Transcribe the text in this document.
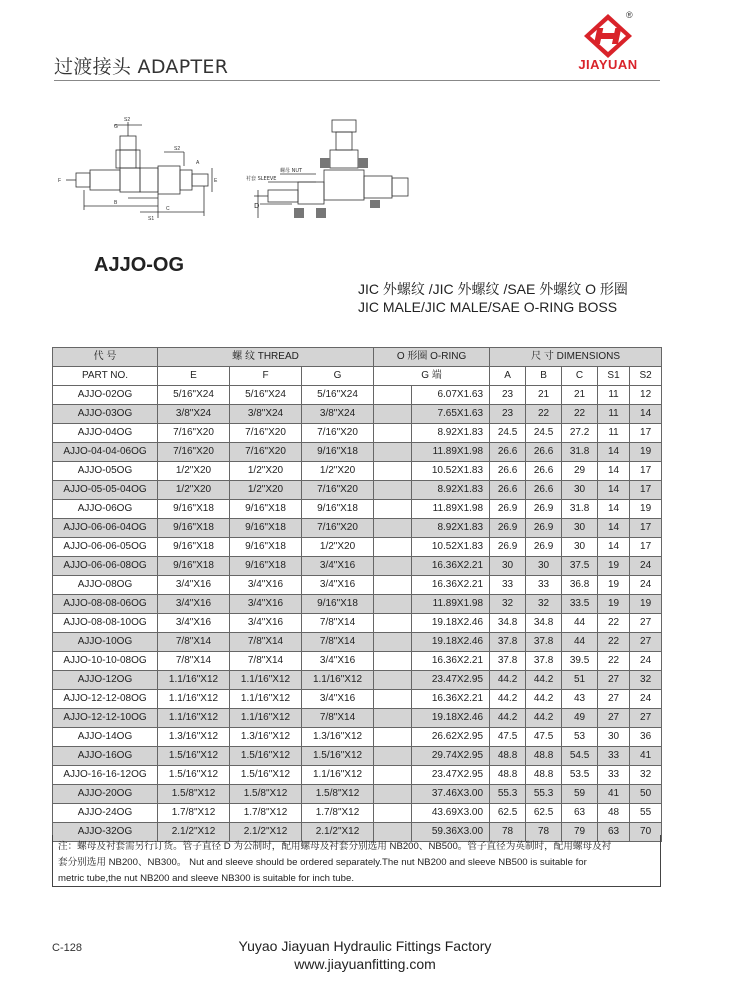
过渡接头 ADAPTER
®
JIAYUAN
S2
G
F
S2
B
C
S1
E
A
螺母 NUT
衬套 SLEEVE
D
AJJO-OG
JIC 外螺纹 /JIC 外螺纹 /SAE 外螺纹 O 形圈
JIC MALE/JIC MALE/SAE O-RING BOSS
代 号	螺 纹 THREAD			O 形圈 O-RING		尺 寸 DIMENSIONS				
PART NO.	E	F	G	G 端		A	B	C	S1	S2
AJJO-02OG	5/16"X24	5/16"X24	5/16"X24		6.07X1.63	23	21	21	11	12
AJJO-03OG	3/8"X24	3/8"X24	3/8"X24		7.65X1.63	23	22	22	11	14
AJJO-04OG	7/16"X20	7/16"X20	7/16"X20		8.92X1.83	24.5	24.5	27.2	11	17
AJJO-04-04-06OG	7/16"X20	7/16"X20	9/16"X18		11.89X1.98	26.6	26.6	31.8	14	19
AJJO-05OG	1/2"X20	1/2"X20	1/2"X20		10.52X1.83	26.6	26.6	29	14	17
AJJO-05-05-04OG	1/2"X20	1/2"X20	7/16"X20		8.92X1.83	26.6	26.6	30	14	17
AJJO-06OG	9/16"X18	9/16"X18	9/16"X18		11.89X1.98	26.9	26.9	31.8	14	19
AJJO-06-06-04OG	9/16"X18	9/16"X18	7/16"X20		8.92X1.83	26.9	26.9	30	14	17
AJJO-06-06-05OG	9/16"X18	9/16"X18	1/2"X20		10.52X1.83	26.9	26.9	30	14	17
AJJO-06-06-08OG	9/16"X18	9/16"X18	3/4"X16		16.36X2.21	30	30	37.5	19	24
AJJO-08OG	3/4"X16	3/4"X16	3/4"X16		16.36X2.21	33	33	36.8	19	24
AJJO-08-08-06OG	3/4"X16	3/4"X16	9/16"X18		11.89X1.98	32	32	33.5	19	19
AJJO-08-08-10OG	3/4"X16	3/4"X16	7/8"X14		19.18X2.46	34.8	34.8	44	22	27
AJJO-10OG	7/8"X14	7/8"X14	7/8"X14		19.18X2.46	37.8	37.8	44	22	27
AJJO-10-10-08OG	7/8"X14	7/8"X14	3/4"X16		16.36X2.21	37.8	37.8	39.5	22	24
AJJO-12OG	1.1/16"X12	1.1/16"X12	1.1/16"X12		23.47X2.95	44.2	44.2	51	27	32
AJJO-12-12-08OG	1.1/16"X12	1.1/16"X12	3/4"X16		16.36X2.21	44.2	44.2	43	27	24
AJJO-12-12-10OG	1.1/16"X12	1.1/16"X12	7/8"X14		19.18X2.46	44.2	44.2	49	27	27
AJJO-14OG	1.3/16"X12	1.3/16"X12	1.3/16"X12		26.62X2.95	47.5	47.5	53	30	36
AJJO-16OG	1.5/16"X12	1.5/16"X12	1.5/16"X12		29.74X2.95	48.8	48.8	54.5	33	41
AJJO-16-16-12OG	1.5/16"X12	1.5/16"X12	1.1/16"X12		23.47X2.95	48.8	48.8	53.5	33	32
AJJO-20OG	1.5/8"X12	1.5/8"X12	1.5/8"X12		37.46X3.00	55.3	55.3	59	41	50
AJJO-24OG	1.7/8"X12	1.7/8"X12	1.7/8"X12		43.69X3.00	62.5	62.5	63	48	55
AJJO-32OG	2.1/2"X12	2.1/2"X12	2.1/2"X12		59.36X3.00	78	78	79	63	70
注：螺母及衬套需另行订货。管子直径 D 为公制时，配用螺母及衬套分别选用 NB200、NB500。管子直径为英制时，配用螺母及衬
套分别选用 NB200、NB300。 Nut and sleeve should be ordered separately.The nut NB200 and sleeve NB500 is suitable for
metric tube,the nut NB200 and sleeve NB300 is suitable for inch tube.
C-128	Yuyao Jiayuan Hydraulic Fittings Factory
www.jiayuanfitting.com
